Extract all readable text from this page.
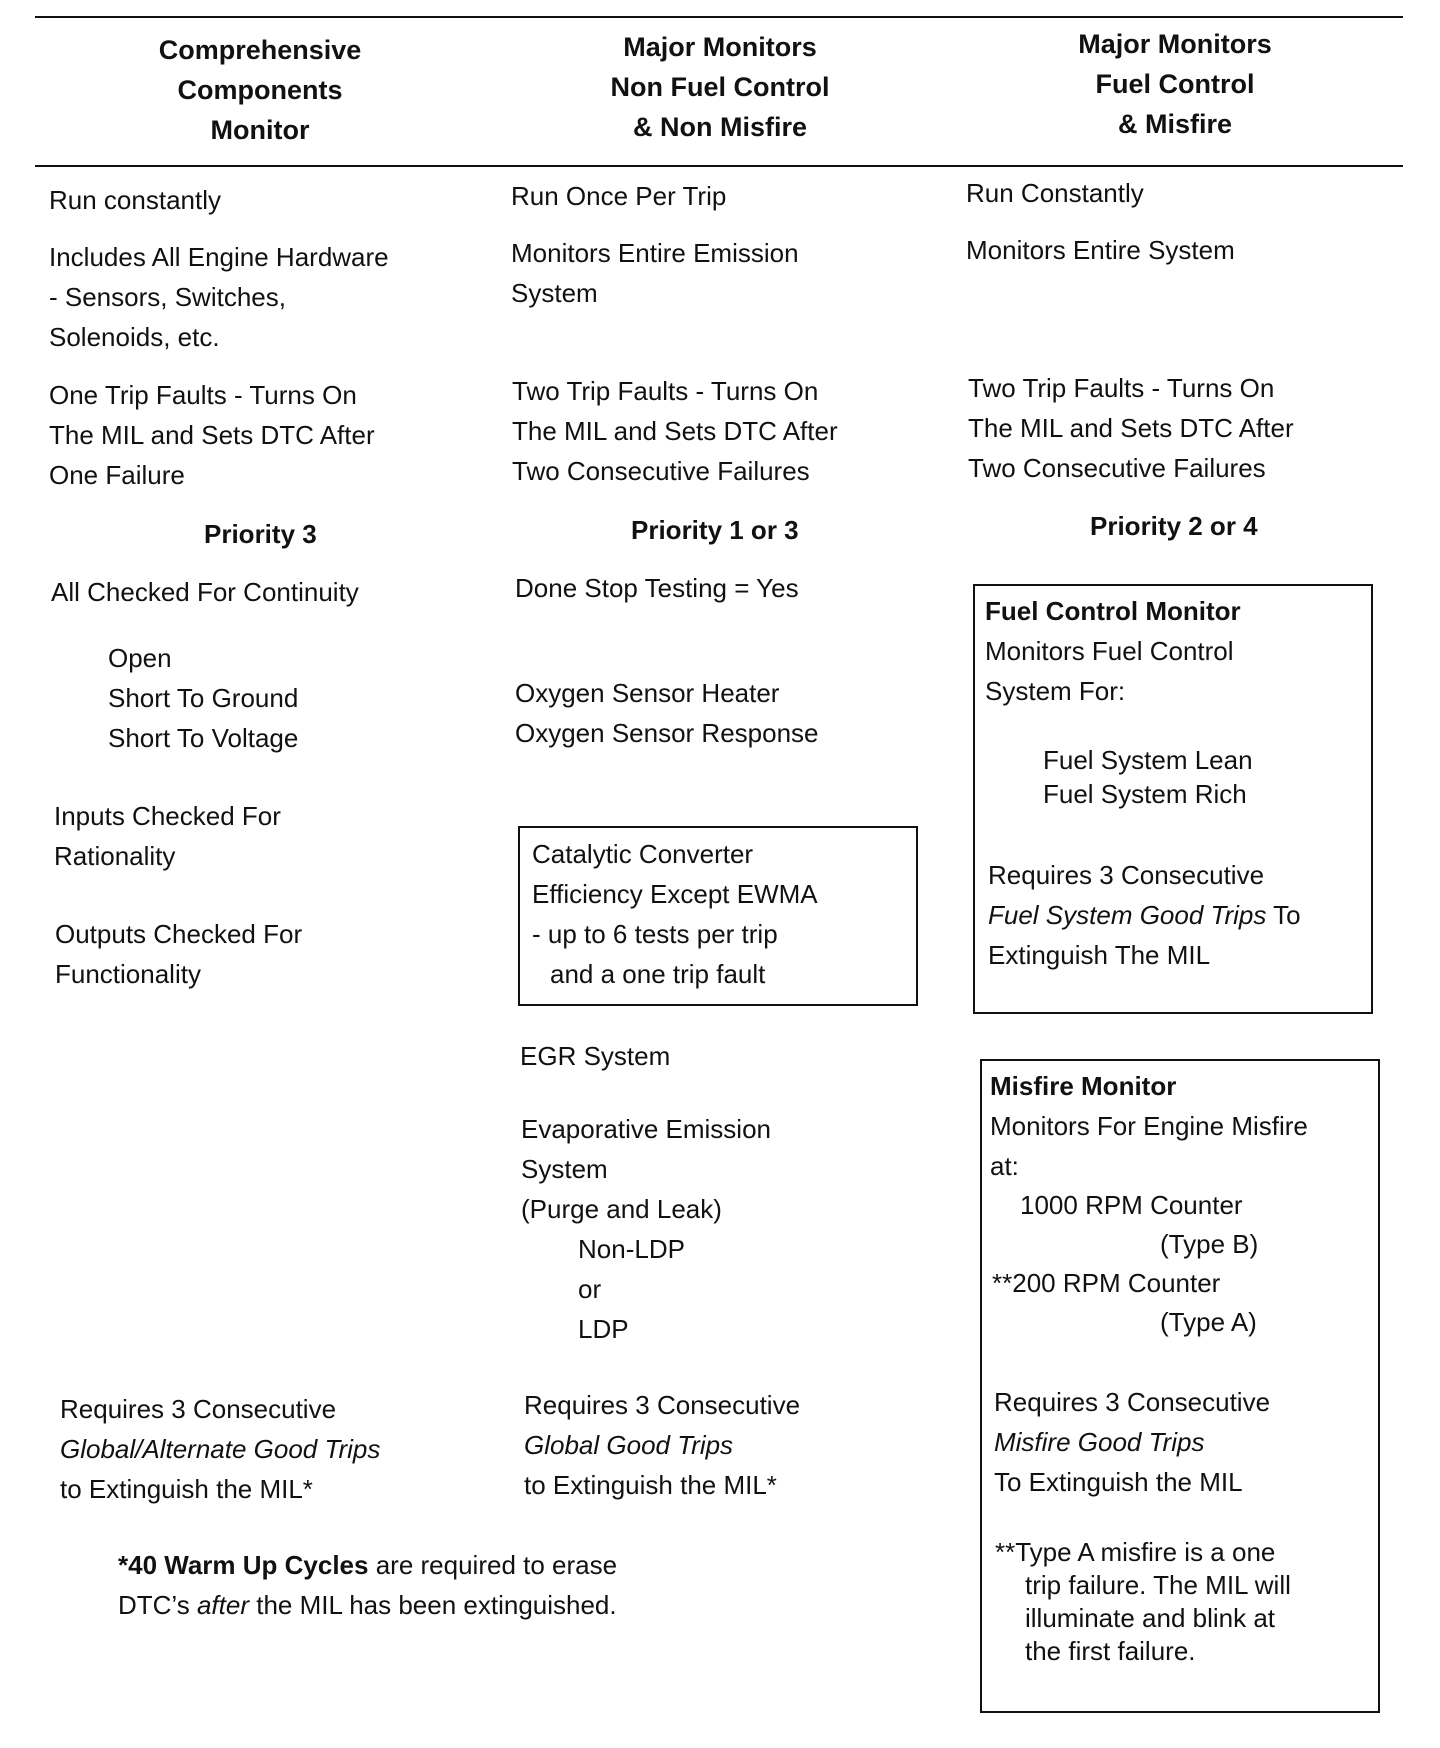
Comprehensive
Components
Monitor
Major Monitors
Non Fuel Control
& Non Misfire
Major Monitors
Fuel Control
& Misfire
Run constantly
Includes All Engine Hardware
- Sensors, Switches,
Solenoids, etc.
One Trip Faults - Turns On
The MIL and Sets DTC After
One Failure
Priority 3
All Checked For Continuity
Open
Short To Ground
Short To Voltage
Inputs Checked For
Rationality
Outputs Checked For
Functionality
Requires 3 Consecutive
Global/Alternate Good Trips
to Extinguish the MIL*
*40 Warm Up Cycles are required to erase
DTC’s after the MIL has been extinguished.
Run Once Per Trip
Monitors Entire Emission
System
Two Trip Faults - Turns On
The MIL and Sets DTC After
Two Consecutive Failures
Priority 1 or 3
Done Stop Testing = Yes
Oxygen Sensor Heater
Oxygen Sensor Response
Catalytic Converter
Efficiency Except EWMA
- up to 6 tests per trip
and a one trip fault
EGR System
Evaporative Emission
System
(Purge and Leak)
Non-LDP
or
LDP
Requires 3 Consecutive
Global Good Trips
to Extinguish the MIL*
Run Constantly
Monitors Entire System
Two Trip Faults - Turns On
The MIL and Sets DTC After
Two Consecutive Failures
Priority 2 or 4
Fuel Control Monitor
Monitors Fuel Control
System For:
Fuel System Lean
Fuel System Rich
Requires 3 Consecutive
Fuel System Good Trips To
Extinguish The MIL
Misfire Monitor
Monitors For Engine Misfire
at:
1000 RPM Counter
(Type B)
**200 RPM Counter
(Type A)
Requires 3 Consecutive
Misfire Good Trips
To Extinguish the MIL
**Type A misfire is a one
trip failure. The MIL will
illuminate and blink at
the first failure.
